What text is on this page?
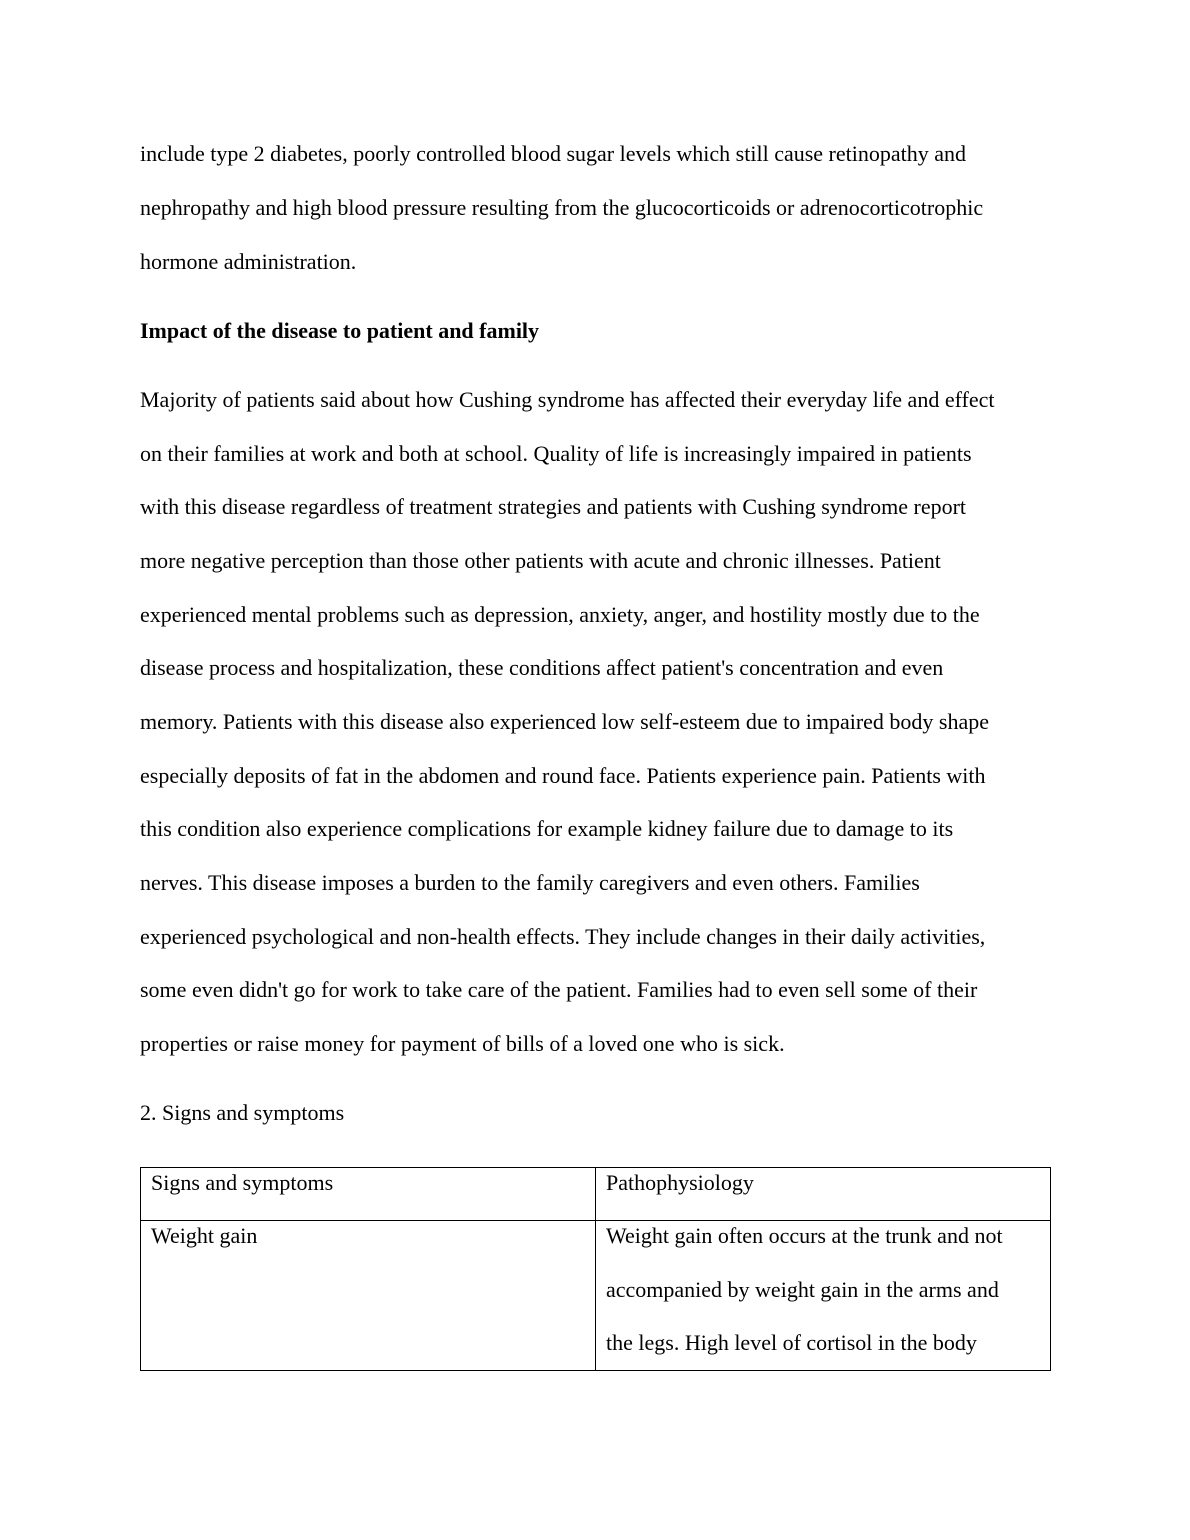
include type 2 diabetes, poorly controlled blood sugar levels which still cause retinopathy and
nephropathy and high blood pressure resulting from the glucocorticoids or adrenocorticotrophic
hormone administration.
Impact of the disease to patient and family
Majority of patients said about how Cushing syndrome has affected their everyday life and effect
on their families at work and both at school. Quality of life is increasingly impaired in patients
with this disease regardless of treatment strategies and patients with Cushing syndrome report
more negative perception than those other patients with acute and chronic illnesses. Patient
experienced mental problems such as depression, anxiety, anger, and hostility mostly due to the
disease process and hospitalization, these conditions affect patient's concentration and even
memory. Patients with this disease also experienced low self-esteem due to impaired body shape
especially deposits of fat in the abdomen and round face. Patients experience pain. Patients with
this condition also experience complications for example kidney failure due to damage to its
nerves. This disease imposes a burden to the family caregivers and even others. Families
experienced psychological and non-health effects. They include changes in their daily activities,
some even didn't go for work to take care of the patient. Families had to even sell some of their
properties or raise money for payment of bills of a loved one who is sick.
2. Signs and symptoms
Signs and symptoms	Pathophysiology

Weight gain	Weight gain often occurs at the trunk and not
accompanied by weight gain in the arms and
the legs. High level of cortisol in the body
